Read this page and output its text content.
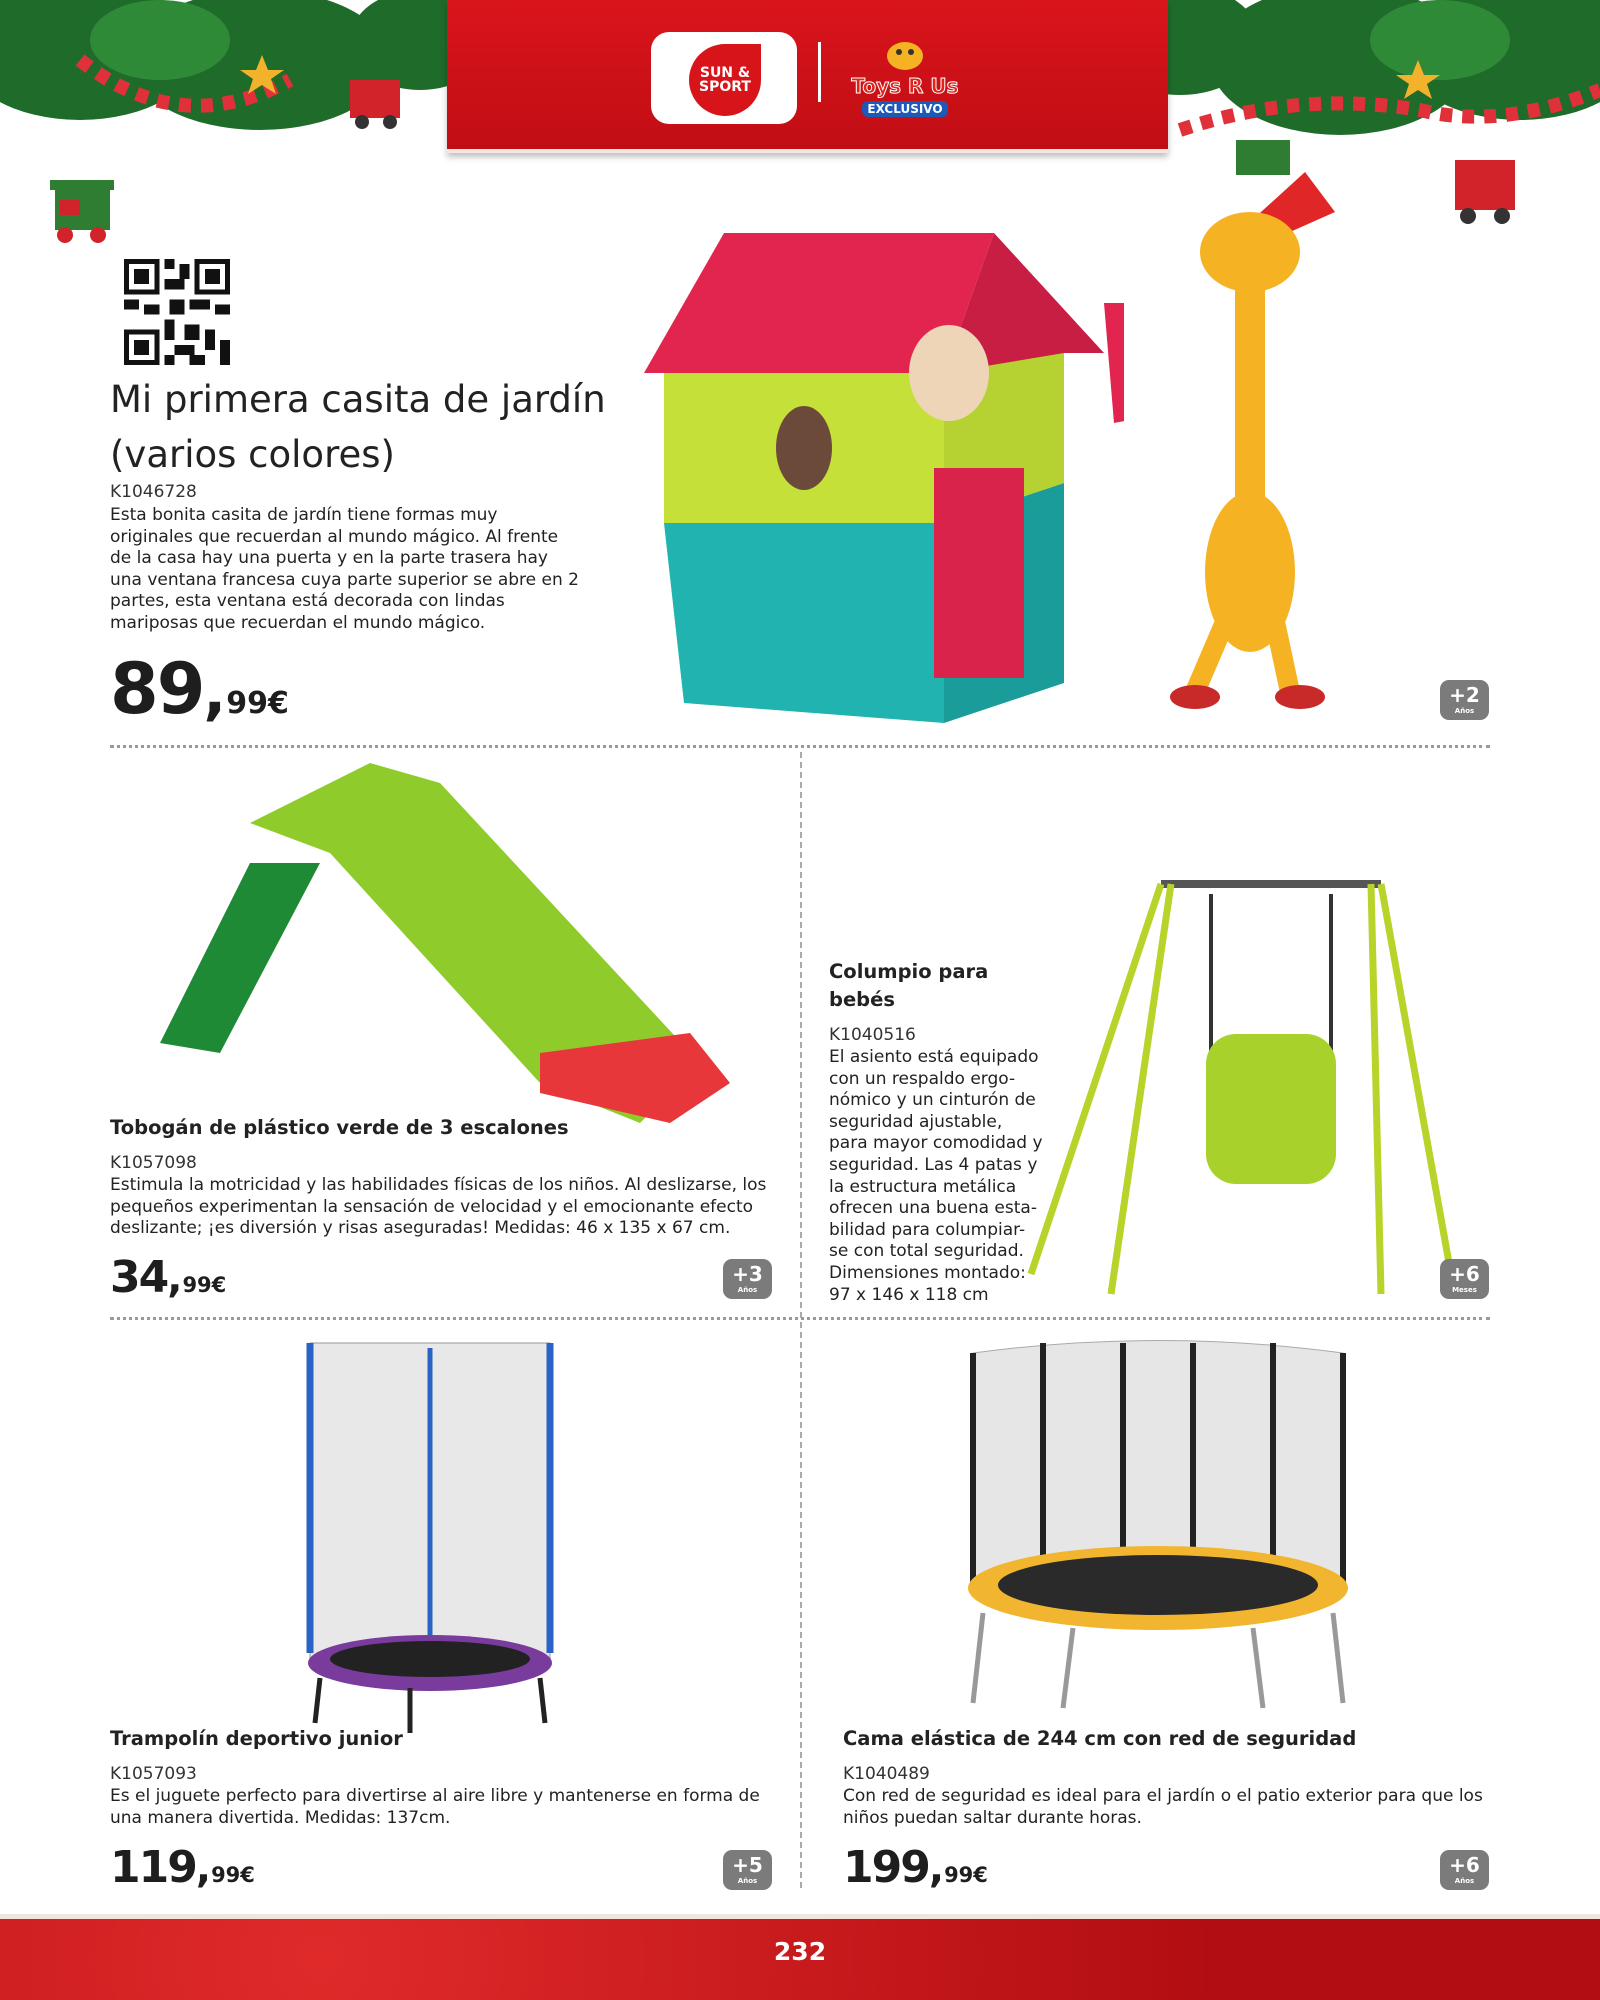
SUN & SPORT	Toys R Us
EXCLUSIVO
Mi primera casita de jardín (varios colores)
K1046728
Esta bonita casita de jardín tiene formas muy originales que recuerdan al mundo mágico. Al frente de la casa hay una puerta y en la parte trasera hay una ventana francesa cuya parte superior se abre en 2 partes, esta ventana está decorada con lindas mariposas que recuerdan el mundo mágico.
89,99€	+2
Años
Tobogán de plástico verde de 3 escalones
K1057098
Estimula la motricidad y las habilidades físicas de los niños. Al deslizarse, los pequeños experimentan la sensación de velocidad y el emocionante efecto deslizante; ¡es diversión y risas aseguradas! Medidas: 46 x 135 x 67 cm.
34,99€	+3
Años
Columpio para bebés
K1040516
El asiento está equipado con un respaldo ergo-nómico y un cinturón de seguridad ajustable, para mayor comodidad y seguridad. Las 4 patas y la estructura metálica ofrecen una buena esta-bilidad para columpiar-se con total seguridad. Dimensiones montado: 97 x 146 x 118 cm
+6
Meses
Trampolín deportivo junior
K1057093
Es el juguete perfecto para divertirse al aire libre y mantenerse en forma de una manera divertida. Medidas: 137cm.
119,99€	+5
Años
Cama elástica de 244 cm con red de seguridad
K1040489
Con red de seguridad es ideal para el jardín o el patio exterior para que los niños puedan saltar durante horas.
199,99€	+6
Años
232
